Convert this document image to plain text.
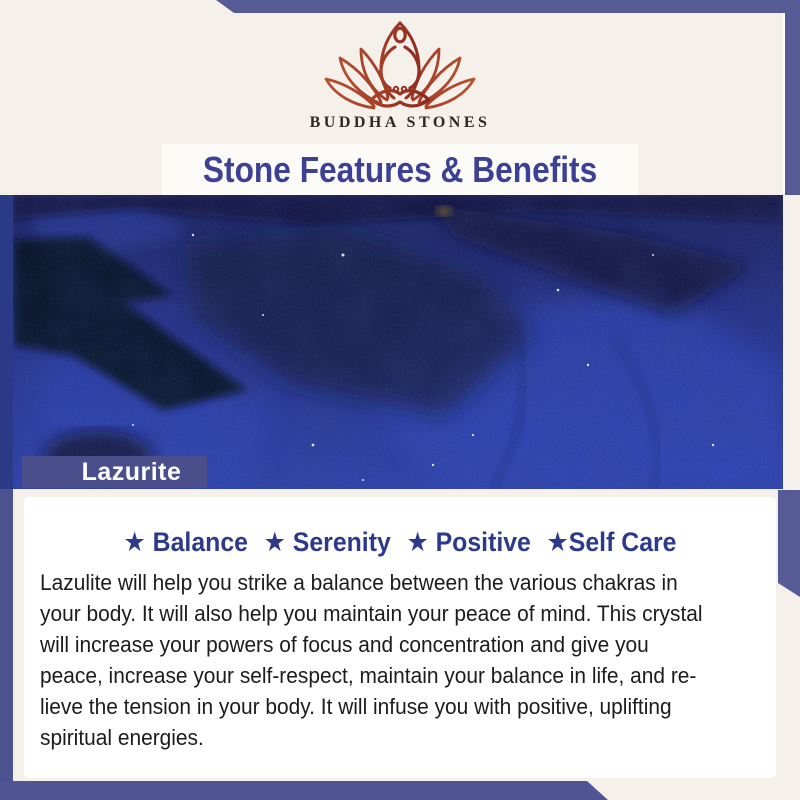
BUDDHA STONES
Stone Features & Benefits
Lazurite
★ Balance ★ Serenity ★ Positive ★Self Care
Lazulite will help you strike a balance between the various chakras in
your body. It will also help you maintain your peace of mind. This crystal
will increase your powers of focus and concentration and give you
peace, increase your self-respect, maintain your balance in life, and re-
lieve the tension in your body. It will infuse you with positive, uplifting
spiritual energies.
